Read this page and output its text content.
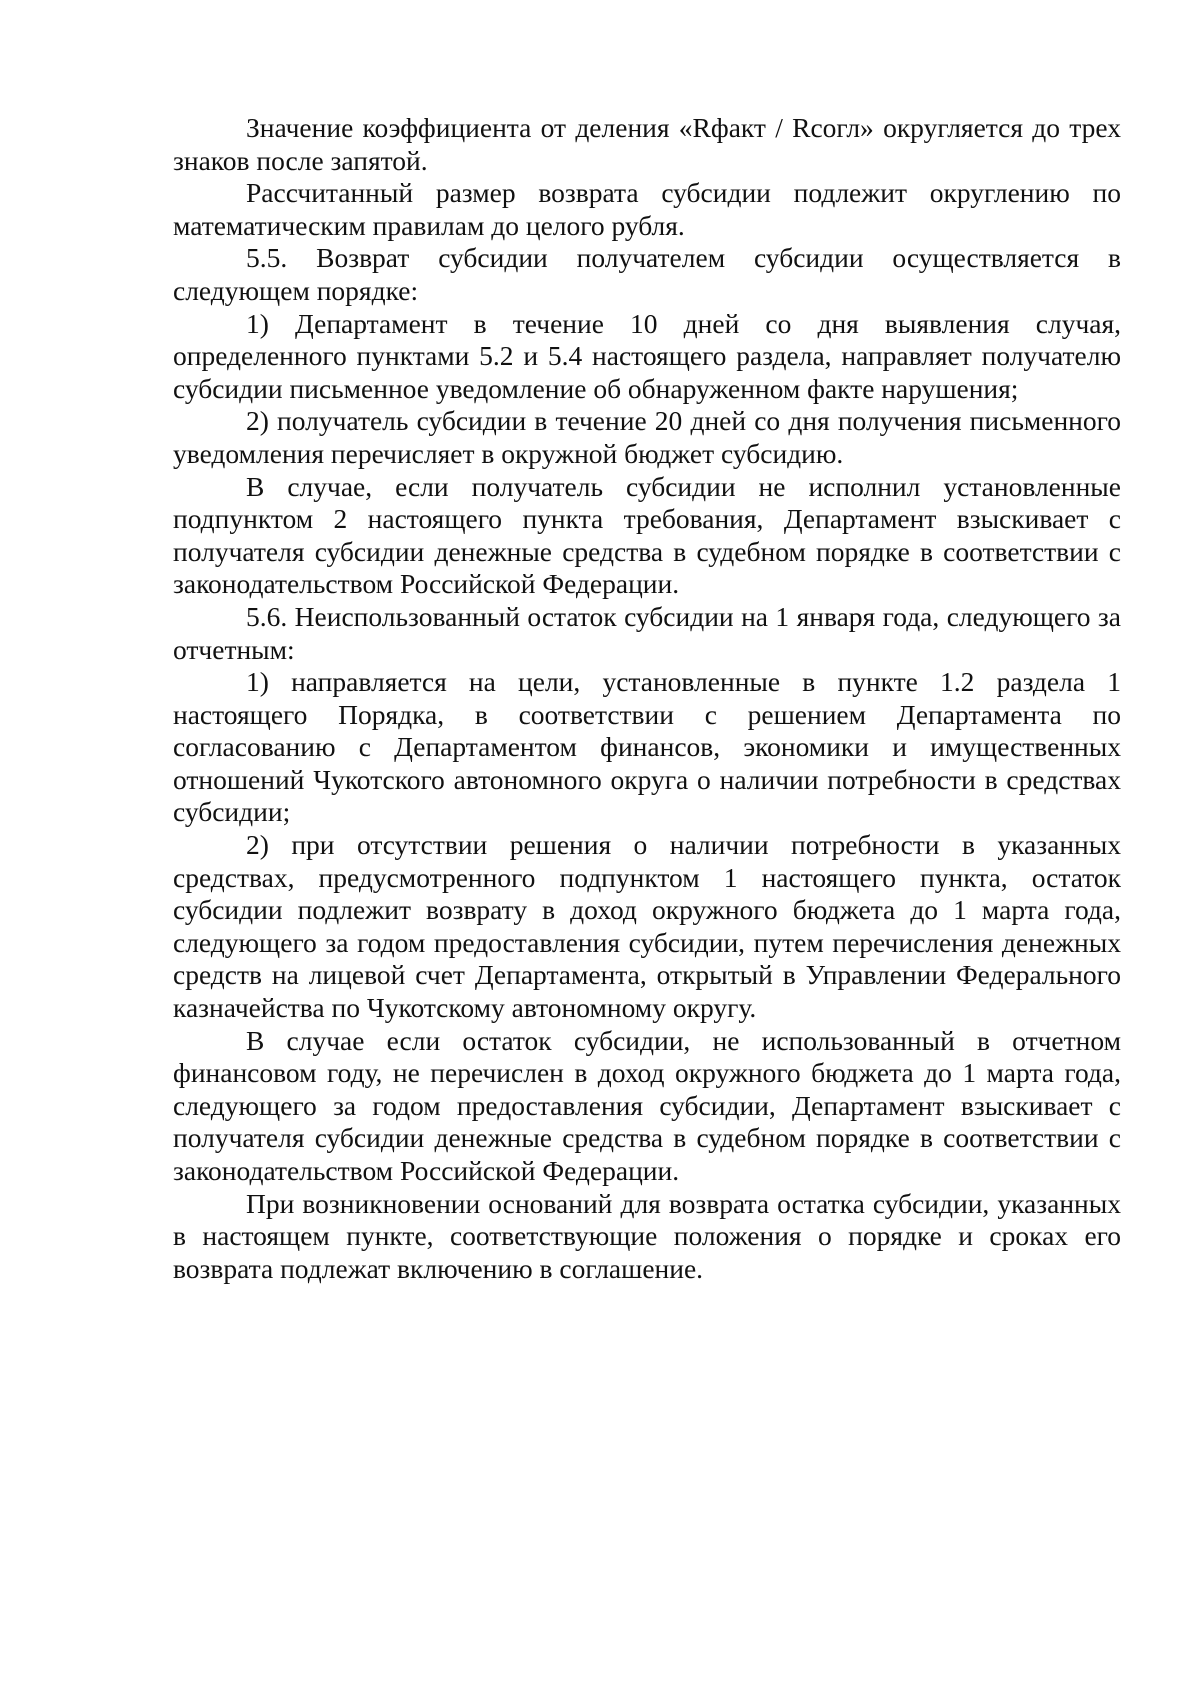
Значение коэффициента от деления «Rфакт / Rсогл» округляется до трех знаков после запятой.

Рассчитанный размер возврата субсидии подлежит округлению по математическим правилам до целого рубля.

5.5. Возврат субсидии получателем субсидии осуществляется в следующем порядке:

1) Департамент в течение 10 дней со дня выявления случая, определенного пунктами 5.2 и 5.4 настоящего раздела, направляет получателю субсидии письменное уведомление об обнаруженном факте нарушения;

2) получатель субсидии в течение 20 дней со дня получения письменного уведомления перечисляет в окружной бюджет субсидию.

В случае, если получатель субсидии не исполнил установленные подпунктом 2 настоящего пункта требования, Департамент взыскивает с получателя субсидии денежные средства в судебном порядке в соответствии с законодательством Российской Федерации.

5.6. Неиспользованный остаток субсидии на 1 января года, следующего за отчетным:

1) направляется на цели, установленные в пункте 1.2 раздела 1 настоящего Порядка, в соответствии с решением Департамента по согласованию с Департаментом финансов, экономики и имущественных отношений Чукотского автономного округа о наличии потребности в средствах субсидии;

2) при отсутствии решения о наличии потребности в указанных средствах, предусмотренного подпунктом 1 настоящего пункта, остаток субсидии подлежит возврату в доход окружного бюджета до 1 марта года, следующего за годом предоставления субсидии, путем перечисления денежных средств на лицевой счет Департамента, открытый в Управлении Федерального казначейства по Чукотскому автономному округу.

В случае если остаток субсидии, не использованный в отчетном финансовом году, не перечислен в доход окружного бюджета до 1 марта года, следующего за годом предоставления субсидии, Департамент взыскивает с получателя субсидии денежные средства в судебном порядке в соответствии с законодательством Российской Федерации.

При возникновении оснований для возврата остатка субсидии, указанных в настоящем пункте, соответствующие положения о порядке и сроках его возврата подлежат включению в соглашение.
